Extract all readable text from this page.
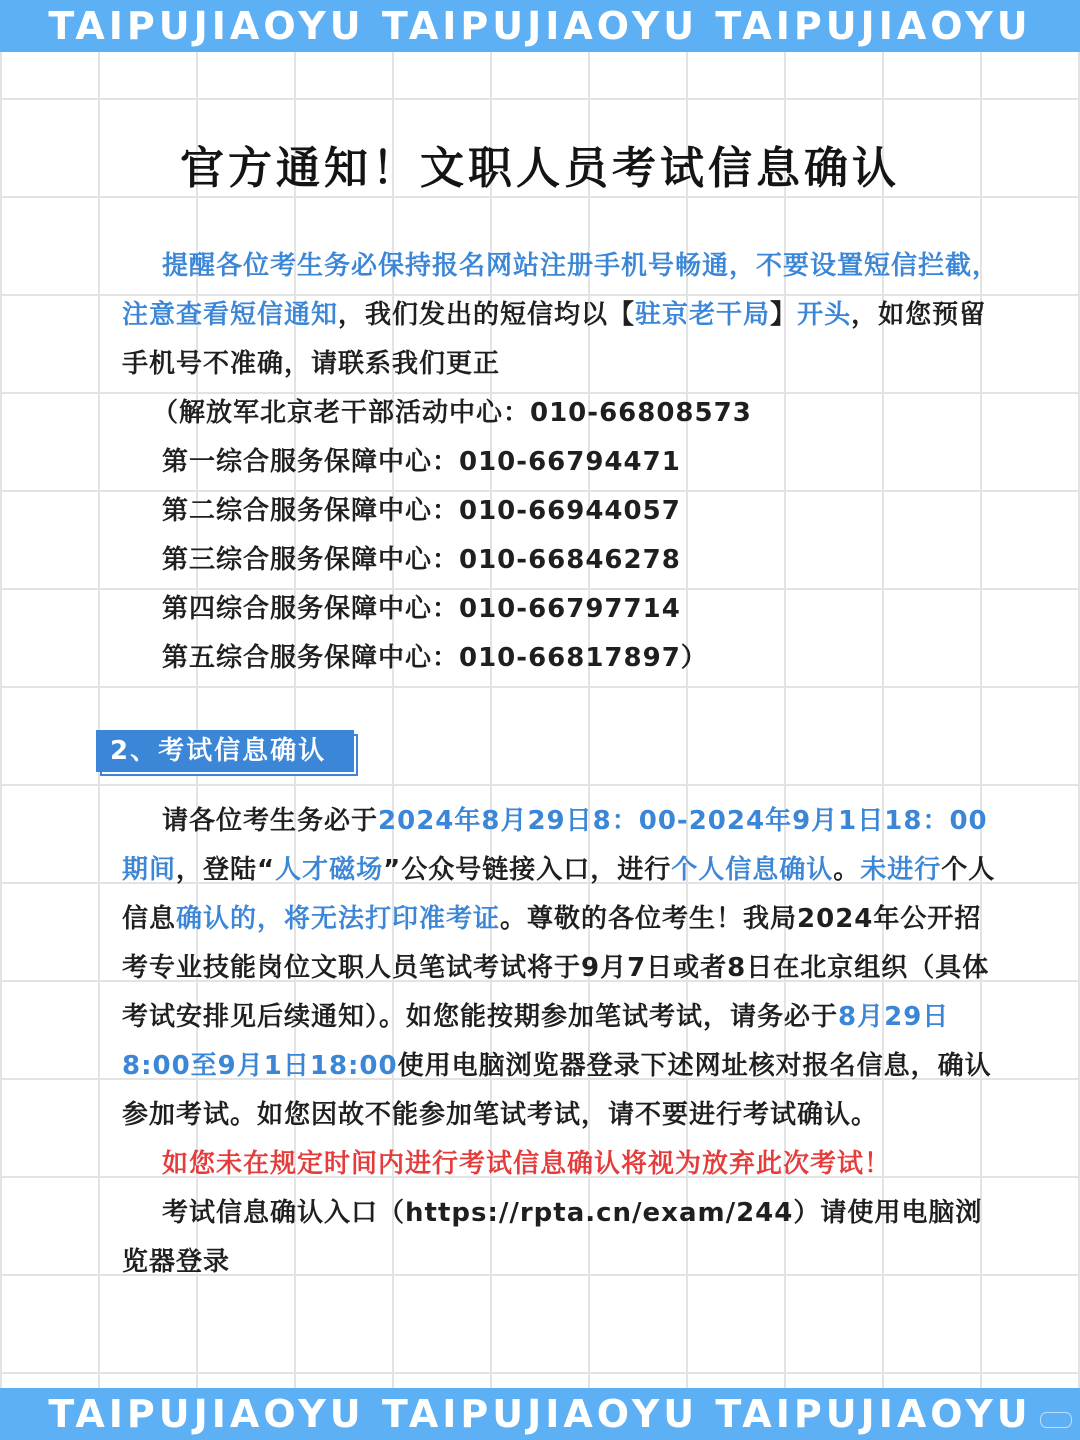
TAIPUJIAOYU TAIPUJIAOYU TAIPUJIAOYU
官方通知！文职人员考试信息确认

提醒各位考生务必保持报名网站注册手机号畅通，不要设置短信拦截，注意查看短信通知，我们发出的短信均以【驻京老干局】开头，如您预留手机号不准确，请联系我们更正

（解放军北京老干部活动中心：010-66808573

第一综合服务保障中心：010-66794471

第二综合服务保障中心：010-66944057

第三综合服务保障中心：010-66846278

第四综合服务保障中心：010-66797714

第五综合服务保障中心：010-66817897）

2、考试信息确认

请各位考生务必于2024年8月29日8：00-2024年9月1日18：00期间，登陆“人才磁场”公众号链接入口，进行个人信息确认。未进行个人信息确认的，将无法打印准考证。尊敬的各位考生！我局2024年公开招考专业技能岗位文职人员笔试考试将于9月7日或者8日在北京组织（具体考试安排见后续通知）。如您能按期参加笔试考试，请务必于8月29日8:00至9月1日18:00使用电脑浏览器登录下述网址核对报名信息，确认参加考试。如您因故不能参加笔试考试，请不要进行考试确认。

如您未在规定时间内进行考试信息确认将视为放弃此次考试！

考试信息确认入口（https://rpta.cn/exam/244）请使用电脑浏览器登录

TAIPUJIAOYU TAIPUJIAOYU TAIPUJIAOYU
